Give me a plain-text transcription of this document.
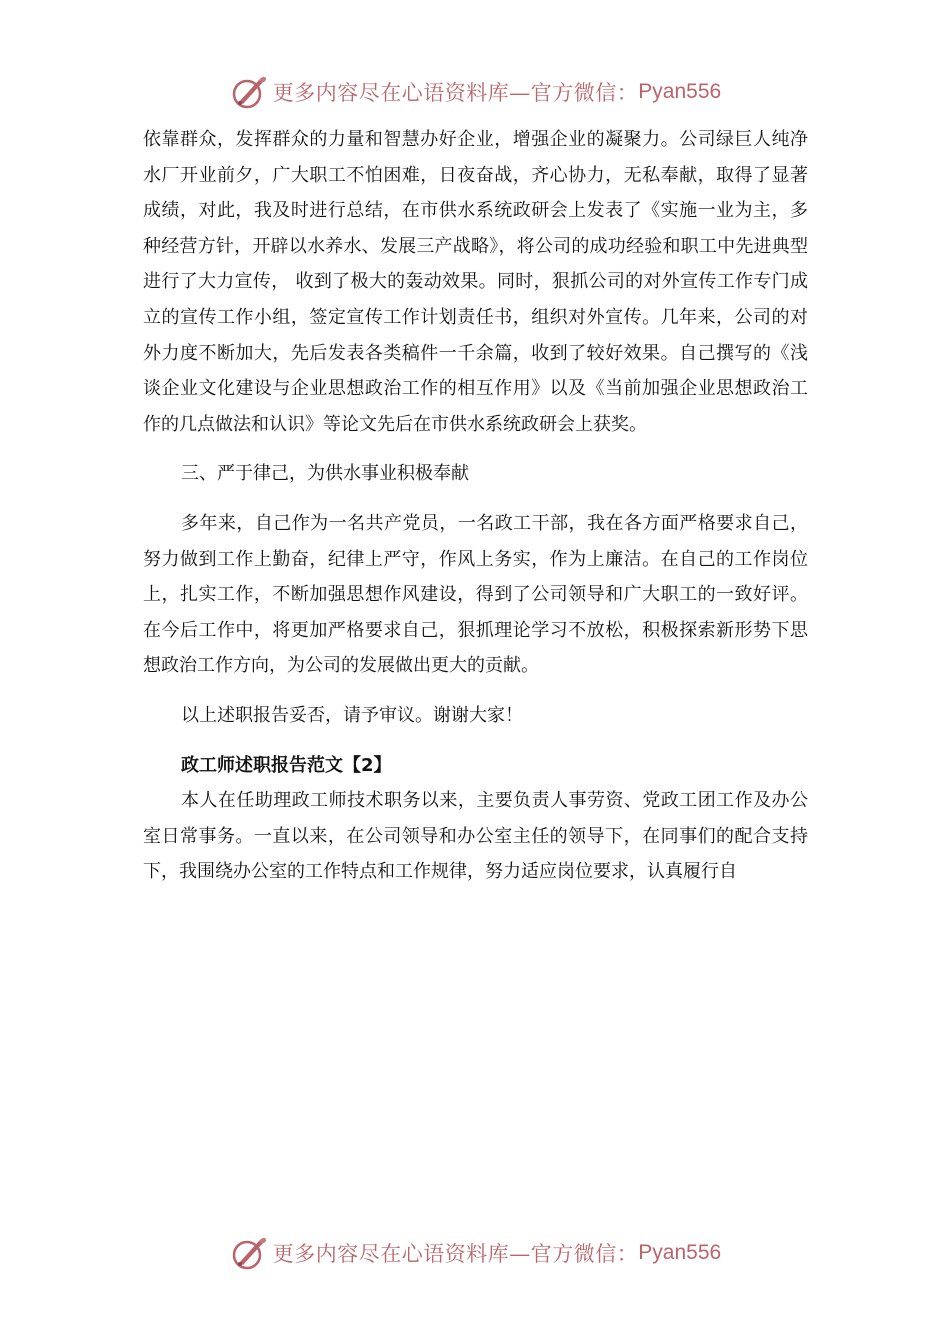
更多内容尽在心语资料库—官方微信： Pyan556

依靠群众，发挥群众的力量和智慧办好企业，增强企业的凝聚力。公司绿巨人纯净水厂开业前夕，广大职工不怕困难，日夜奋战，齐心协力，无私奉献，取得了显著成绩，对此，我及时进行总结，在市供水系统政研会上发表了《实施一业为主，多种经营方针，开辟以水养水、发展三产战略》，将公司的成功经验和职工中先进典型进行了大力宣传， 收到了极大的轰动效果。同时，狠抓公司的对外宣传工作专门成立的宣传工作小组，签定宣传工作计划责任书，组织对外宣传。几年来，公司的对外力度不断加大，先后发表各类稿件一千余篇，收到了较好效果。自己撰写的《浅谈企业文化建设与企业思想政治工作的相互作用》以及《当前加强企业思想政治工作的几点做法和认识》等论文先后在市供水系统政研会上获奖。

三、严于律己，为供水事业积极奉献

多年来，自己作为一名共产党员，一名政工干部，我在各方面严格要求自己， 努力做到工作上勤奋，纪律上严守，作风上务实，作为上廉洁。在自己的工作岗位上，扎实工作，不断加强思想作风建设，得到了公司领导和广大职工的一致好评。在今后工作中，将更加严格要求自己，狠抓理论学习不放松，积极探索新形势下思想政治工作方向，为公司的发展做出更大的贡献。

以上述职报告妥否，请予审议。谢谢大家！

政工师述职报告范文【2】

本人在任助理政工师技术职务以来，主要负责人事劳资、党政工团工作及办公室日常事务。一直以来，在公司领导和办公室主任的领导下，在同事们的配合支持下，我围绕办公室的工作特点和工作规律，努力适应岗位要求，认真履行自

更多内容尽在心语资料库—官方微信： Pyan556
